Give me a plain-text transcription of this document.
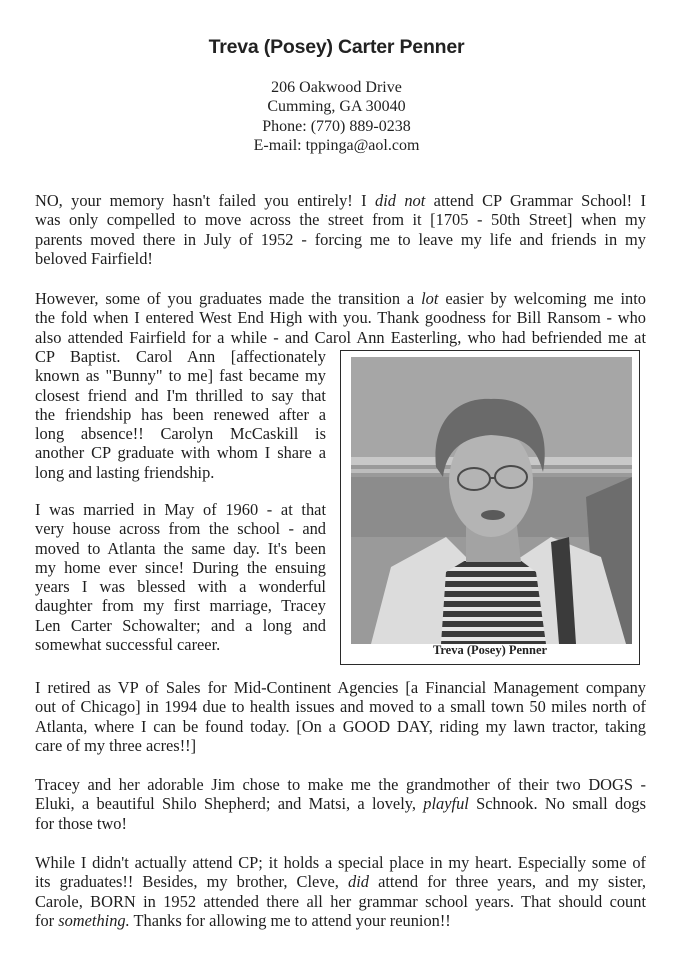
Treva (Posey) Carter Penner
206 Oakwood Drive
Cumming, GA 30040
Phone: (770) 889-0238
E-mail: tppinga@aol.com
NO, your memory hasn't failed you entirely! I did not attend CP Grammar School! I
was only compelled to move across the street from it [1705 - 50th Street] when my
parents moved there in July of 1952 - forcing me to leave my life and friends in my
beloved Fairfield!
However, some of you graduates made the transition a lot easier by welcoming me into
the fold when I entered West End High with you. Thank goodness for Bill Ransom - who
also attended Fairfield for a while - and Carol Ann Easterling, who had befriended me at
CP Baptist. Carol Ann [affectionately
known as "Bunny" to me] fast became my
closest friend and I'm thrilled to say that
the friendship has been renewed after a
long absence!! Carolyn McCaskill is
another CP graduate with whom I share a
long and lasting friendship.
I was married in May of 1960 - at that
very house across from the school - and
moved to Atlanta the same day. It's been
my home ever since! During the ensuing
years I was blessed with a wonderful
daughter from my first marriage, Tracey
Len Carter Schowalter; and a long and
somewhat successful career.	Treva (Posey) Penner
I retired as VP of Sales for Mid-Continent Agencies [a Financial Management company
out of Chicago] in 1994 due to health issues and moved to a small town 50 miles north of
Atlanta, where I can be found today. [On a GOOD DAY, riding my lawn tractor, taking
care of my three acres!!]
Tracey and her adorable Jim chose to make me the grandmother of their two DOGS -
Eluki, a beautiful Shilo Shepherd; and Matsi, a lovely, playful Schnook. No small dogs
for those two!
While I didn't actually attend CP; it holds a special place in my heart. Especially some of
its graduates!! Besides, my brother, Cleve, did attend for three years, and my sister,
Carole, BORN in 1952 attended there all her grammar school years. That should count
for something. Thanks for allowing me to attend your reunion!!
